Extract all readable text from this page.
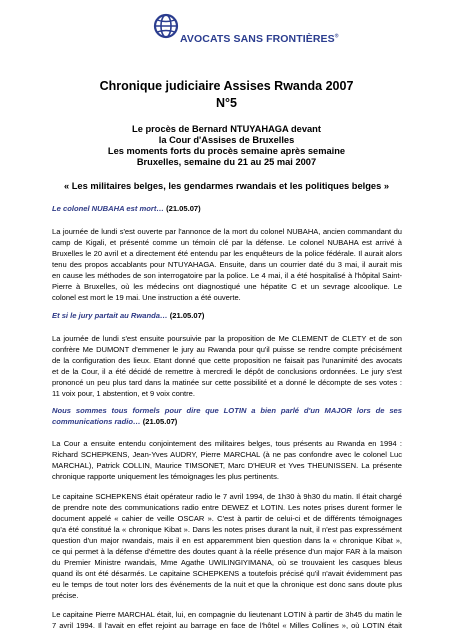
AVOCATS SANS FRONTIÈRES®
Chronique judiciaire Assises Rwanda 2007
N°5
Le procès de Bernard NTUYAHAGA devant
la Cour d'Assises de Bruxelles
Les moments forts du procès semaine après semaine
Bruxelles, semaine du 21 au 25 mai 2007
« Les militaires belges, les gendarmes rwandais et les politiques belges »
Le colonel NUBAHA est mort… (21.05.07)
La journée de lundi s'est ouverte par l'annonce de la mort du colonel NUBAHA, ancien commandant du
camp de Kigali, et présenté comme un témoin clé par la défense. Le colonel NUBAHA est arrivé à
Bruxelles le 20 avril et a directement été entendu par les enquêteurs de la police fédérale. Il aurait alors
tenu des propos accablants pour NTUYAHAGA. Ensuite, dans un courrier daté du 3 mai, il aurait mis
en cause les méthodes de son interrogatoire par la police. Le 4 mai, il a été hospitalisé à l'hôpital Saint-
Pierre à Bruxelles, où les médecins ont diagnostiqué une hépatite C et un sevrage alcoolique. Le
colonel est mort le 19 mai. Une instruction a été ouverte.
Et si le jury partait au Rwanda… (21.05.07)
La journée de lundi s'est ensuite poursuivie par la proposition de Me CLEMENT de CLETY et de son
confrère Me DUMONT d'emmener le jury au Rwanda pour qu'il puisse se rendre compte précisément
de la configuration des lieux. Etant donné que cette proposition ne faisait pas l'unanimité des avocats
et de la Cour, il a été décidé de remettre à mercredi le dépôt de conclusions ordonnées. Le jury s'est
prononcé un peu plus tard dans la matinée sur cette possibilité et a donné le décompte de ses votes :
11 voix pour, 1 abstention, et 9 voix contre.
Nous sommes tous formels pour dire que LOTIN a bien parlé d'un MAJOR lors de ses
communications radio… (21.05.07)
La Cour a ensuite entendu conjointement des militaires belges, tous présents au Rwanda en 1994 :
Richard SCHEPKENS, Jean-Yves AUDRY, Pierre MARCHAL (à ne pas confondre avec le colonel Luc
MARCHAL), Patrick COLLIN, Maurice TIMSONET, Marc D'HEUR et Yves THEUNISSEN. La présente
chronique rapporte uniquement les témoignages les plus pertinents.
Le capitaine SCHEPKENS était opérateur radio le 7 avril 1994, de 1h30 à 9h30 du matin. Il était chargé
de prendre note des communications radio entre DEWEZ et LOTIN. Les notes prises durent former le
document appelé « cahier de veille OSCAR ». C'est à partir de celui-ci et de différents témoignages
qu'a été constitué la « chronique Kibat ». Dans les notes prises durant la nuit, il n'est pas expressément
question d'un major rwandais, mais il en est apparemment bien question dans la « chronique Kibat »,
ce qui permet à la défense d'émettre des doutes quant à la réelle présence d'un major FAR à la maison
du Premier Ministre rwandais, Mme Agathe UWILINGIYIMANA, où se trouvaient les casques bleus
quand ils ont été désarmés. Le capitaine SCHEPKENS a toutefois précisé qu'il n'avait évidemment pas
eu le temps de tout noter lors des événements de la nuit et que la chronique est donc sans doute plus
précise.
Le capitaine Pierre MARCHAL était, lui, en compagnie du lieutenant LOTIN à partir de 3h45 du matin le
7 avril 1994. Il l'avait en effet rejoint au barrage en face de l'hôtel « Milles Collines », où LOTIN était
